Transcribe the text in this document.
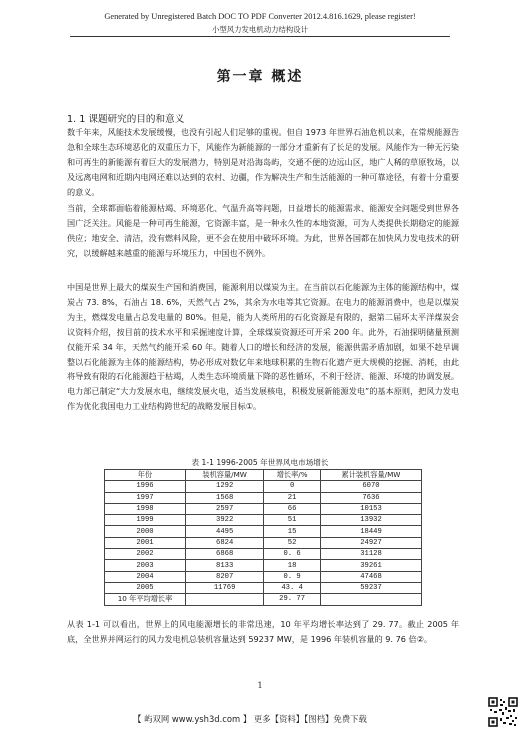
Generated by Unregistered Batch DOC TO PDF Converter 2012.4.816.1629, please register!
小型风力发电机动力结构设计
第一章 概述
1. 1 课题研究的目的和意义

数千年来，风能技术发展缓慢，也没有引起人们足够的重视。但自 1973 年世界石油危机以来，在常规能源告急和全球生态环境恶化的双重压力下，风能作为新能源的一部分才重新有了长足的发展。风能作为一种无污染和可再生的新能源有着巨大的发展潜力，特别是对沿海岛屿，交通不便的边远山区，地广人稀的草原牧场，以及远离电网和近期内电网还难以达到的农村、边疆，作为解决生产和生活能源的一种可靠途径，有着十分重要的意义。

当前，全球都面临着能源枯竭、环境恶化、气温升高等问题，日益增长的能源需求、能源安全问题受到世界各国广泛关注。风能是一种可再生能源，它资源丰富，是一种永久性的本地资源，可为人类提供长期稳定的能源供应；地安全、清洁，没有燃料风险，更不会在使用中破坏环境。为此，世界各国都在加快风力发电技术的研究，以缓解越来越重的能源与环境压力，中国也不例外。

中国是世界上最大的煤炭生产国和消费国，能源利用以煤炭为主。在当前以石化能源为主体的能源结构中，煤炭占 73. 8%，石油占 18. 6%，天然气占 2%，其余为水电等其它资源。在电力的能源消费中，也是以煤炭为主，燃煤发电量占总发电量的 80%。但是，能为人类所用的石化资源是有限的，据第二届环太平洋煤炭会议资料介绍，按目前的技术水平和采掘速度计算，全球煤炭资源还可开采 200 年。此外，石油探明储量预测仅能开采 34 年，天然气约能开采 60 年。随着人口的增长和经济的发展，能源供需矛盾加剧，如果不趁早调整以石化能源为主体的能源结构，势必形成对数亿年来地球积累的生物石化遗产更大规模的挖掘、消耗，由此将导致有限的石化能源趋于枯竭，人类生态环境质量下降的恶性循环，不利于经济、能源、环境的协调发展。电力部已制定“大力发展水电，继续发展火电，适当发展核电，积极发展新能源发电”的基本原则，把风力发电作为优化我国电力工业结构跨世纪的战略发展目标①。

表 1-1 1996-2005 年世界风电市场增长
年份	装机容量/MW	增长率/%	累计装机容量/MW
1996	1292	0	6070
1997	1568	21	7636
1998	2597	66	10153
1999	3922	51	13932
2000	4495	15	18449
2001	6824	52	24927
2002	6868	0. 6	31128
2003	8133	18	39261
2004	8207	0. 9	47468
2005	11769	43. 4	59237
10 年平均增长率		29. 77	

从表 1-1 可以看出，世界上的风电能源增长的非常迅速，10 年平均增长率达到了 29. 77。截止 2005 年底，全世界并网运行的风力发电机总装机容量达到 59237 MW，是 1996 年装机容量的 9. 76 倍②。

1
【 屿双网 www.ysh3d.com 】 更多【资料】【图档】免费下载
